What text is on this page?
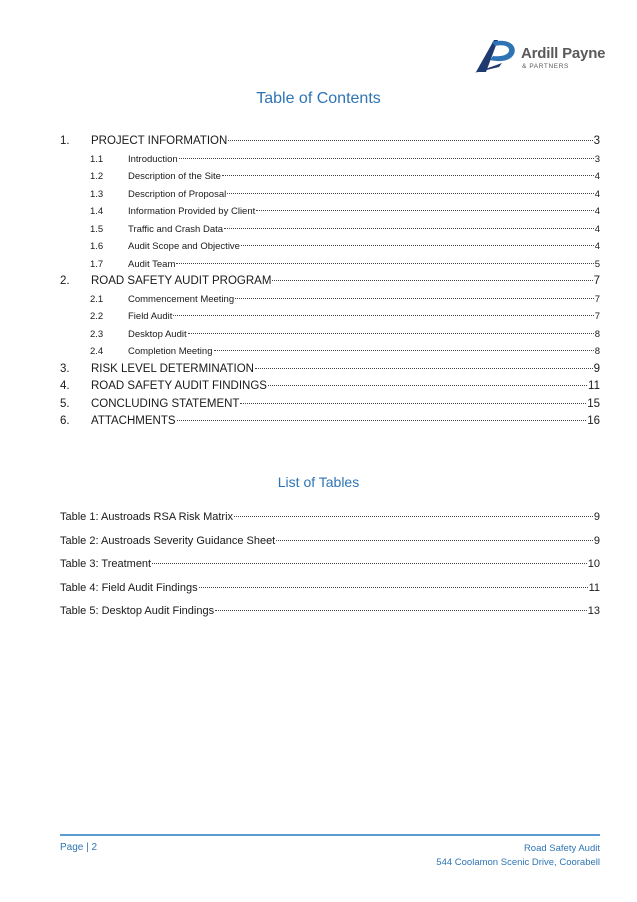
Ardill Payne
& PARTNERS
Table of Contents
1.	PROJECT INFORMATION	3
1.1	Introduction	3
1.2	Description of the Site	4
1.3	Description of Proposal	4
1.4	Information Provided by Client	4
1.5	Traffic and Crash Data	4
1.6	Audit Scope and Objective	4
1.7	Audit Team	5
2.	ROAD SAFETY AUDIT PROGRAM	7
2.1	Commencement Meeting	7
2.2	Field Audit	7
2.3	Desktop Audit	8
2.4	Completion Meeting	8
3.	RISK LEVEL DETERMINATION	9
4.	ROAD SAFETY AUDIT FINDINGS	11
5.	CONCLUDING STATEMENT	15
6.	ATTACHMENTS	16
List of Tables
Table 1: Austroads RSA Risk Matrix	9
Table 2: Austroads Severity Guidance Sheet	9
Table 3: Treatment	10
Table 4: Field Audit Findings	11
Table 5: Desktop Audit Findings	13
Page | 2	Road Safety Audit
544 Coolamon Scenic Drive, Coorabell
